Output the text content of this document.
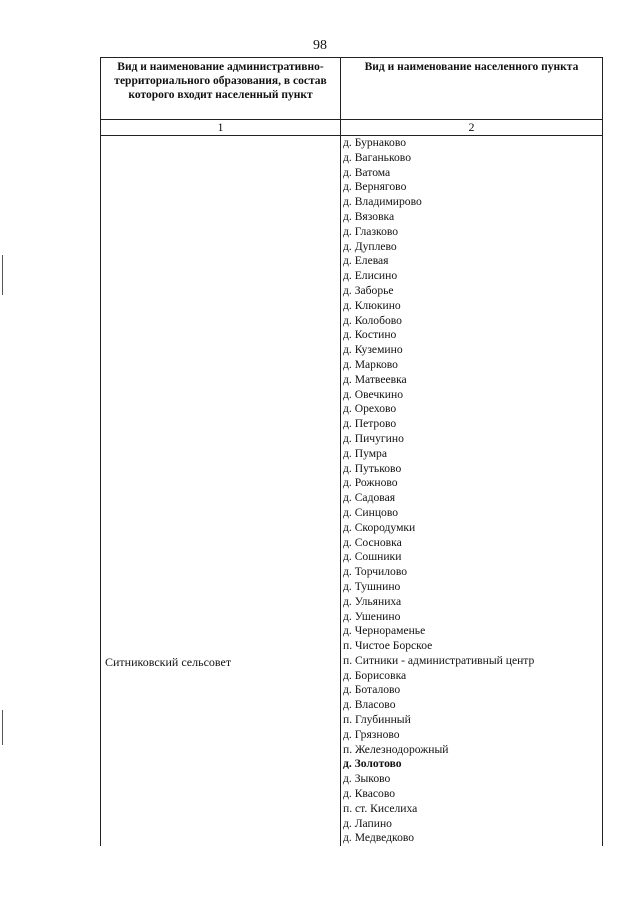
98
Вид и наименование административно-территориального образования, в состав которого входит населенный пункт
Вид и наименование населенного пункта
1	2
Ситниковский сельсовет
д. Бурнаково
д. Ваганьково
д. Ватома
д. Вернягово
д. Владимирово
д. Вязовка
д. Глазково
д. Дуплево
д. Елевая
д. Елисино
д. Заборье
д. Клюкино
д. Колобово
д. Костино
д. Куземино
д. Марково
д. Матвеевка
д. Овечкино
д. Орехово
д. Петрово
д. Пичугино
д. Пумра
д. Путьково
д. Рожново
д. Садовая
д. Синцово
д. Скородумки
д. Сосновка
д. Сошники
д. Торчилово
д. Тушнино
д. Ульяниха
д. Ушенино
д. Чернораменье
п. Чистое Борское
п. Ситники - административный центр
д. Борисовка
д. Боталово
д. Власово
п. Глубинный
д. Грязново
п. Железнодорожный
д. Золотово
д. Зыково
д. Квасово
п. ст. Киселиха
д. Лапино
д. Медведково
